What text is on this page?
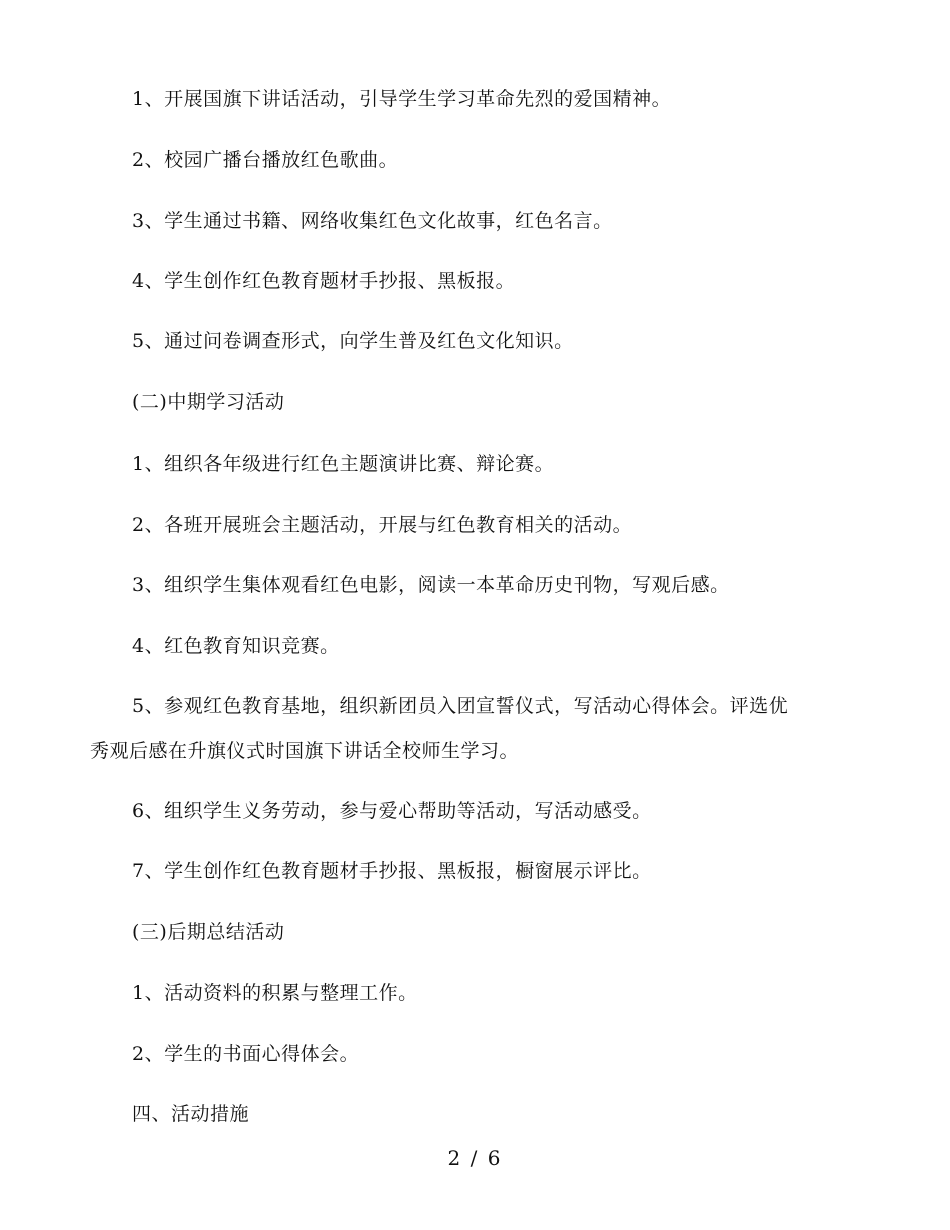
1、开展国旗下讲话活动，引导学生学习革命先烈的爱国精神。
2、校园广播台播放红色歌曲。
3、学生通过书籍、网络收集红色文化故事，红色名言。
4、学生创作红色教育题材手抄报、黑板报。
5、通过问卷调查形式，向学生普及红色文化知识。
(二)中期学习活动
1、组织各年级进行红色主题演讲比赛、辩论赛。
2、各班开展班会主题活动，开展与红色教育相关的活动。
3、组织学生集体观看红色电影，阅读一本革命历史刊物，写观后感。
4、红色教育知识竞赛。
5、参观红色教育基地，组织新团员入团宣誓仪式，写活动心得体会。评选优
秀观后感在升旗仪式时国旗下讲话全校师生学习。
6、组织学生义务劳动，参与爱心帮助等活动，写活动感受。
7、学生创作红色教育题材手抄报、黑板报，橱窗展示评比。
(三)后期总结活动
1、活动资料的积累与整理工作。
2、学生的书面心得体会。
四、活动措施
2 / 6
